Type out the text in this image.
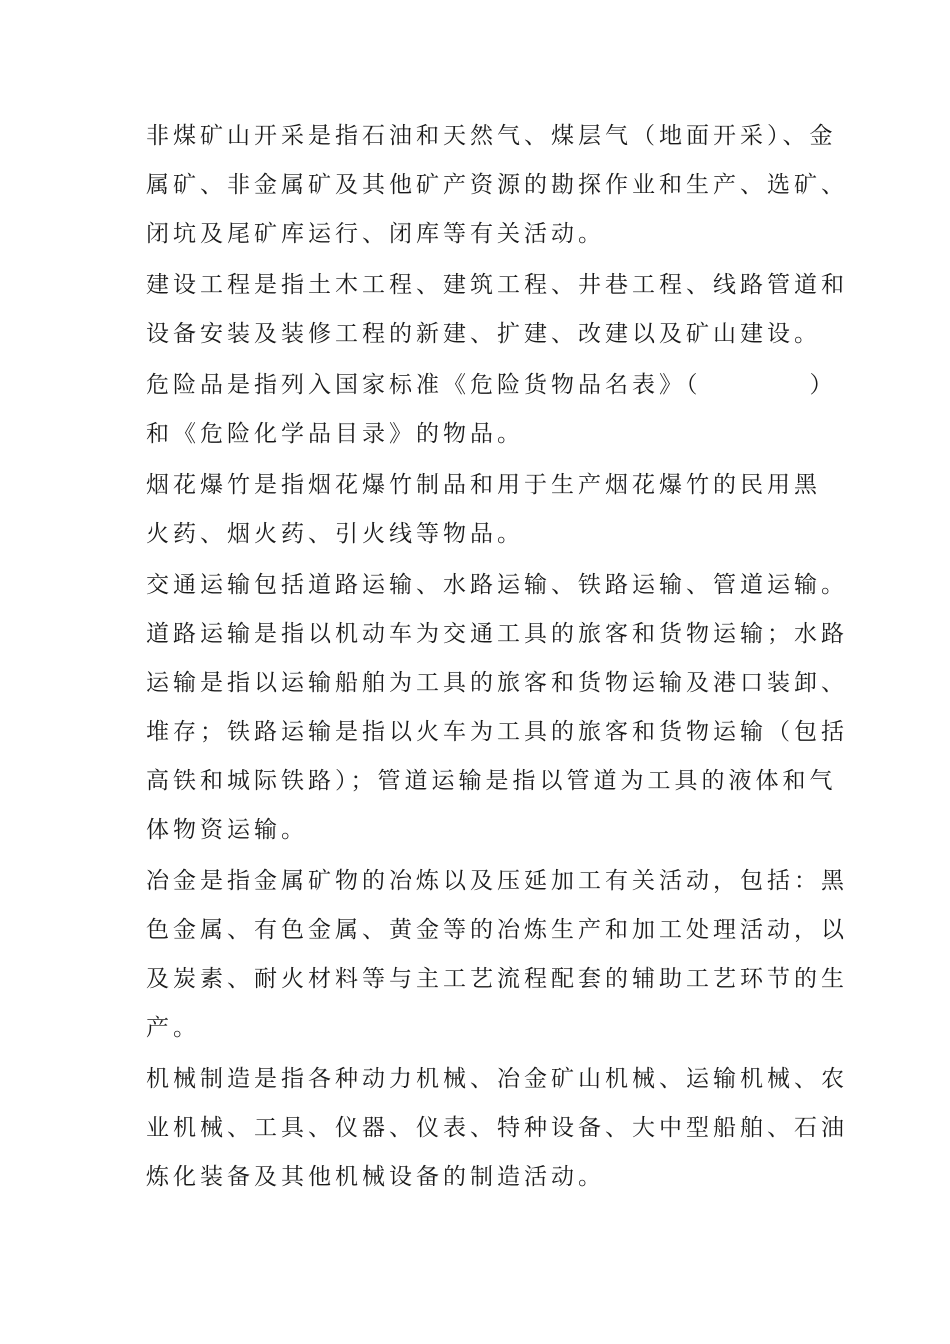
非煤矿山开采是指石油和天然气、煤层气（地面开采）、金
属矿、非金属矿及其他矿产资源的勘探作业和生产、选矿、
闭坑及尾矿库运行、闭库等有关活动。

建设工程是指土木工程、建筑工程、井巷工程、线路管道和
设备安装及装修工程的新建、扩建、改建以及矿山建设。

危险品是指列入国家标准《危险货物品名表》（　　　　）
和《危险化学品目录》的物品。

烟花爆竹是指烟花爆竹制品和用于生产烟花爆竹的民用黑
火药、烟火药、引火线等物品。

交通运输包括道路运输、水路运输、铁路运输、管道运输。
道路运输是指以机动车为交通工具的旅客和货物运输；水路
运输是指以运输船舶为工具的旅客和货物运输及港口装卸、
堆存；铁路运输是指以火车为工具的旅客和货物运输（包括
高铁和城际铁路）；管道运输是指以管道为工具的液体和气
体物资运输。

冶金是指金属矿物的冶炼以及压延加工有关活动，包括：黑
色金属、有色金属、黄金等的冶炼生产和加工处理活动，以
及炭素、耐火材料等与主工艺流程配套的辅助工艺环节的生
产。

机械制造是指各种动力机械、冶金矿山机械、运输机械、农
业机械、工具、仪器、仪表、特种设备、大中型船舶、石油
炼化装备及其他机械设备的制造活动。
